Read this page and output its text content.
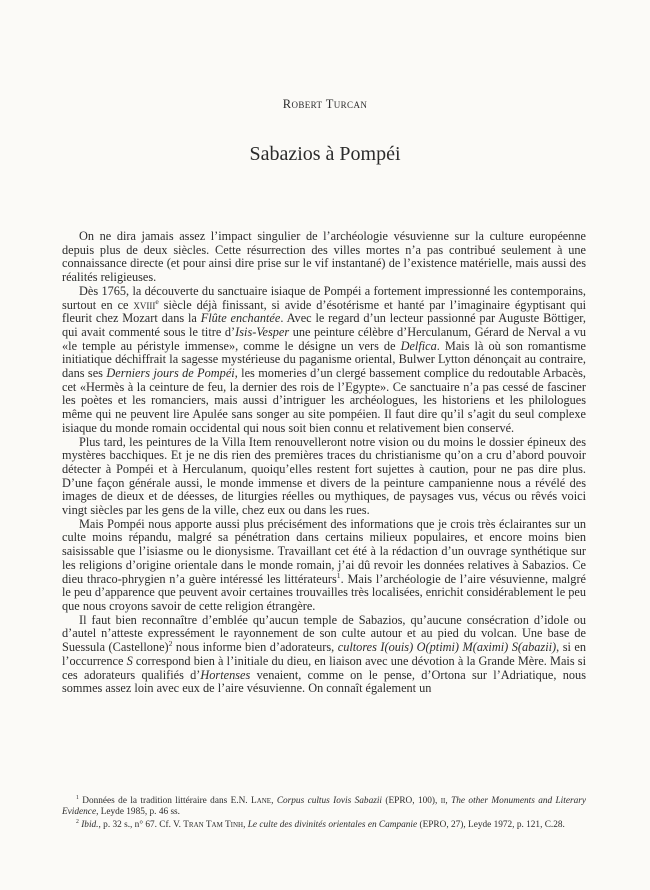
Robert Turcan
Sabazios à Pompéi

On ne dira jamais assez l’impact singulier de l’archéologie vésuvienne sur la culture européenne depuis plus de deux siècles. Cette résurrection des villes mortes n’a pas contribué seulement à une connaissance directe (et pour ainsi dire prise sur le vif instantané) de l’existence matérielle, mais aussi des réalités religieuses.

Dès 1765, la découverte du sanctuaire isiaque de Pompéi a fortement impressionné les contemporains, surtout en ce xviii$^e$ siècle déjà finissant, si avide d’ésotérisme et hanté par l’imaginaire égyptisant qui fleurit chez Mozart dans la Flûte enchantée. Avec le regard d’un lecteur passionné par Auguste Böttiger, qui avait commenté sous le titre d’Isis-Vesper une peinture célèbre d’Herculanum, Gérard de Nerval a vu «le temple au péristyle immense», comme le désigne un vers de Delfica. Mais là où son romantisme initiatique déchiffrait la sagesse mystérieuse du paganisme oriental, Bulwer Lytton dénonçait au contraire, dans ses Derniers jours de Pompéi, les momeries d’un clergé bassement complice du redoutable Arbacès, cet «Hermès à la ceinture de feu, la dernier des rois de l’Egypte». Ce sanctuaire n’a pas cessé de fasciner les poètes et les romanciers, mais aussi d’intriguer les archéologues, les historiens et les philologues même qui ne peuvent lire Apulée sans songer au site pompéien. Il faut dire qu’il s’agit du seul complexe isiaque du monde romain occidental qui nous soit bien connu et relativement bien conservé.

Plus tard, les peintures de la Villa Item renouvelleront notre vision ou du moins le dossier épineux des mystères bacchiques. Et je ne dis rien des premières traces du christianisme qu’on a cru d’abord pouvoir détecter à Pompéi et à Herculanum, quoiqu’elles restent fort sujettes à caution, pour ne pas dire plus. D’une façon générale aussi, le monde immense et divers de la peinture campanienne nous a révélé des images de dieux et de déesses, de liturgies réelles ou mythiques, de paysages vus, vécus ou rêvés voici vingt siècles par les gens de la ville, chez eux ou dans les rues.

Mais Pompéi nous apporte aussi plus précisément des informations que je crois très éclairantes sur un culte moins répandu, malgré sa pénétration dans certains milieux populaires, et encore moins bien saisissable que l’isiasme ou le dionysisme. Travaillant cet été à la rédaction d’un ouvrage synthétique sur les religions d’origine orientale dans le monde romain, j’ai dû revoir les données relatives à Sabazios. Ce dieu thraco-phrygien n’a guère intéressé les littérateurs$^1$. Mais l’archéologie de l’aire vésuvienne, malgré le peu d’apparence que peuvent avoir certaines trouvailles très localisées, enrichit considérablement le peu que nous croyons savoir de cette religion étrangère.

Il faut bien reconnaître d’emblée qu’aucun temple de Sabazios, qu’aucune consécration d’idole ou d’autel n’atteste expressément le rayonnement de son culte autour et au pied du volcan. Une base de Suessula (Castellone)$^2$ nous informe bien d’adorateurs, cultores I(ouis) O(ptimi) M(aximi) S(abazii), si en l’occurrence S correspond bien à l’initiale du dieu, en liaison avec une dévotion à la Grande Mère. Mais si ces adorateurs qualifiés d’Hortenses venaient, comme on le pense, d’Ortona sur l’Adriatique, nous sommes assez loin avec eux de l’aire vésuvienne. On connaît également un

$^1$ Données de la tradition littéraire dans E.N. Lane, Corpus cultus Iovis Sabazii (EPRO, 100), ii, The other Monuments and Literary Evidence, Leyde 1985, p. 46 ss.

$^2$ Ibid., p. 32 s., n° 67. Cf. V. Tran Tam Tinh, Le culte des divinités orientales en Campanie (EPRO, 27), Leyde 1972, p. 121, C.28.
